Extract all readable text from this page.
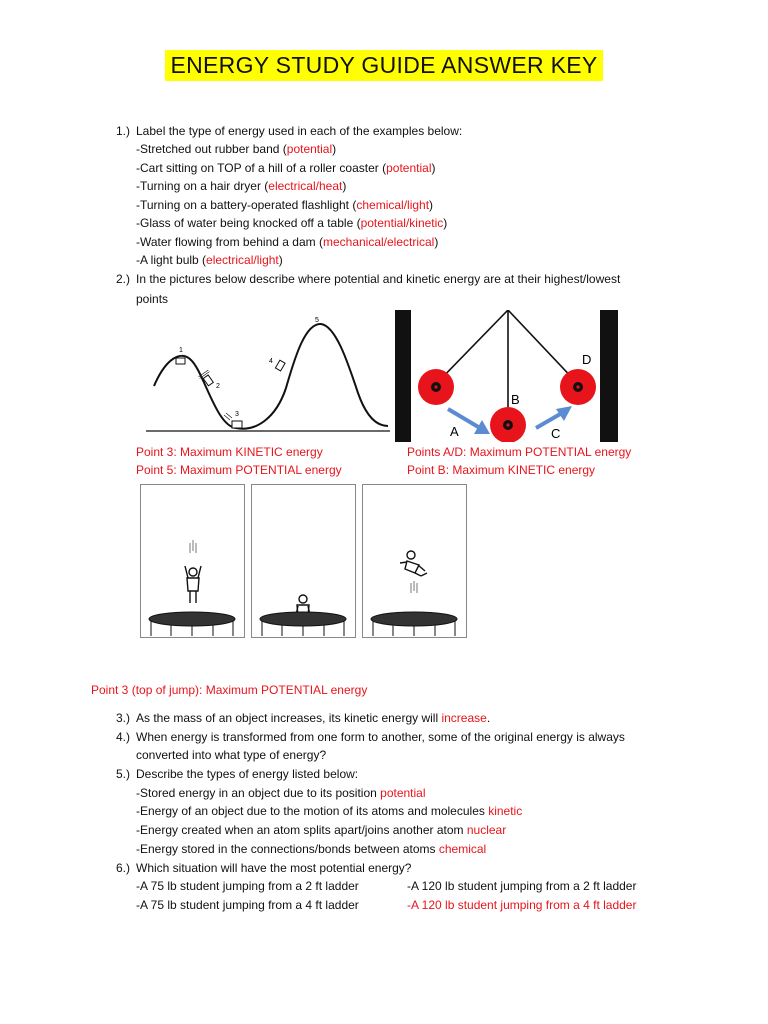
ENERGY STUDY GUIDE ANSWER KEY
1.) Label the type of energy used in each of the examples below:
-Stretched out rubber band (potential)
-Cart sitting on TOP of a hill of a roller coaster (potential)
-Turning on a hair dryer (electrical/heat)
-Turning on a battery-operated flashlight (chemical/light)
-Glass of water being knocked off a table (potential/kinetic)
-Water flowing from behind a dam (mechanical/electrical)
-A light bulb (electrical/light)
2.) In the pictures below describe where potential and kinetic energy are at their highest/lowest
points
1
2
3
4
5
A
B
C
D
Point 3: Maximum KINETIC energy
Point 5: Maximum POTENTIAL energy
Points A/D: Maximum POTENTIAL energy
Point B: Maximum KINETIC energy
Point 3 (top of jump): Maximum POTENTIAL energy
3.) As the mass of an object increases, its kinetic energy will increase.
4.) When energy is transformed from one form to another, some of the original energy is always
converted into what type of energy?
5.) Describe the types of energy listed below:
-Stored energy in an object due to its position potential
-Energy of an object due to the motion of its atoms and molecules kinetic
-Energy created when an atom splits apart/joins another atom nuclear
-Energy stored in the connections/bonds between atoms chemical
6.) Which situation will have the most potential energy?
-A 75 lb student jumping from a 2 ft ladder	-A 120 lb student jumping from a 2 ft ladder
-A 75 lb student jumping from a 4 ft ladder	-A 120 lb student jumping from a 4 ft ladder
